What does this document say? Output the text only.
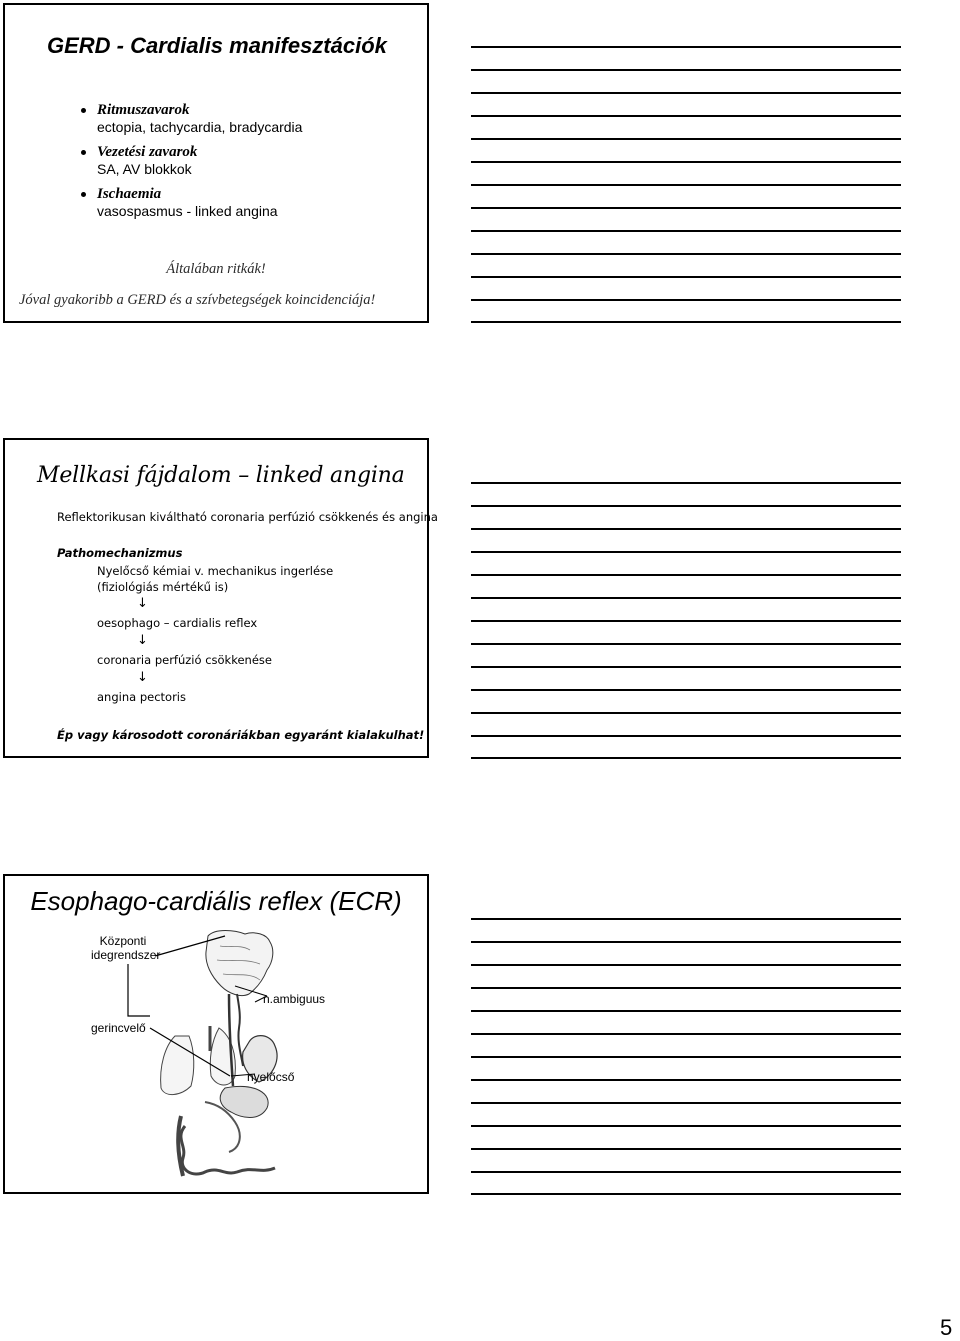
GERD - Cardialis manifesztációk
Ritmuszavarok
ectopia, tachycardia, bradycardia
Vezetési zavarok
SA, AV blokkok
Ischaemia
vasospasmus - linked angina
Általában ritkák!
Jóval gyakoribb a GERD és a szívbetegségek koincidenciája!
Mellkasi fájdalom – linked angina
Reflektorikusan kiváltható coronaria perfúzió csökkenés és angina
Pathomechanizmus
Nyelőcső kémiai v. mechanikus ingerlése
(fiziológiás mértékű is)
↓
oesophago – cardialis reflex
↓
coronaria perfúzió csökkenése
↓
angina pectoris
Ép vagy károsodott coronáriákban egyaránt kialakulhat!
Esophago-cardiális reflex (ECR)
Központi
idegrendszer
gerincvelő
n.ambiguus
nyelőcső
5
